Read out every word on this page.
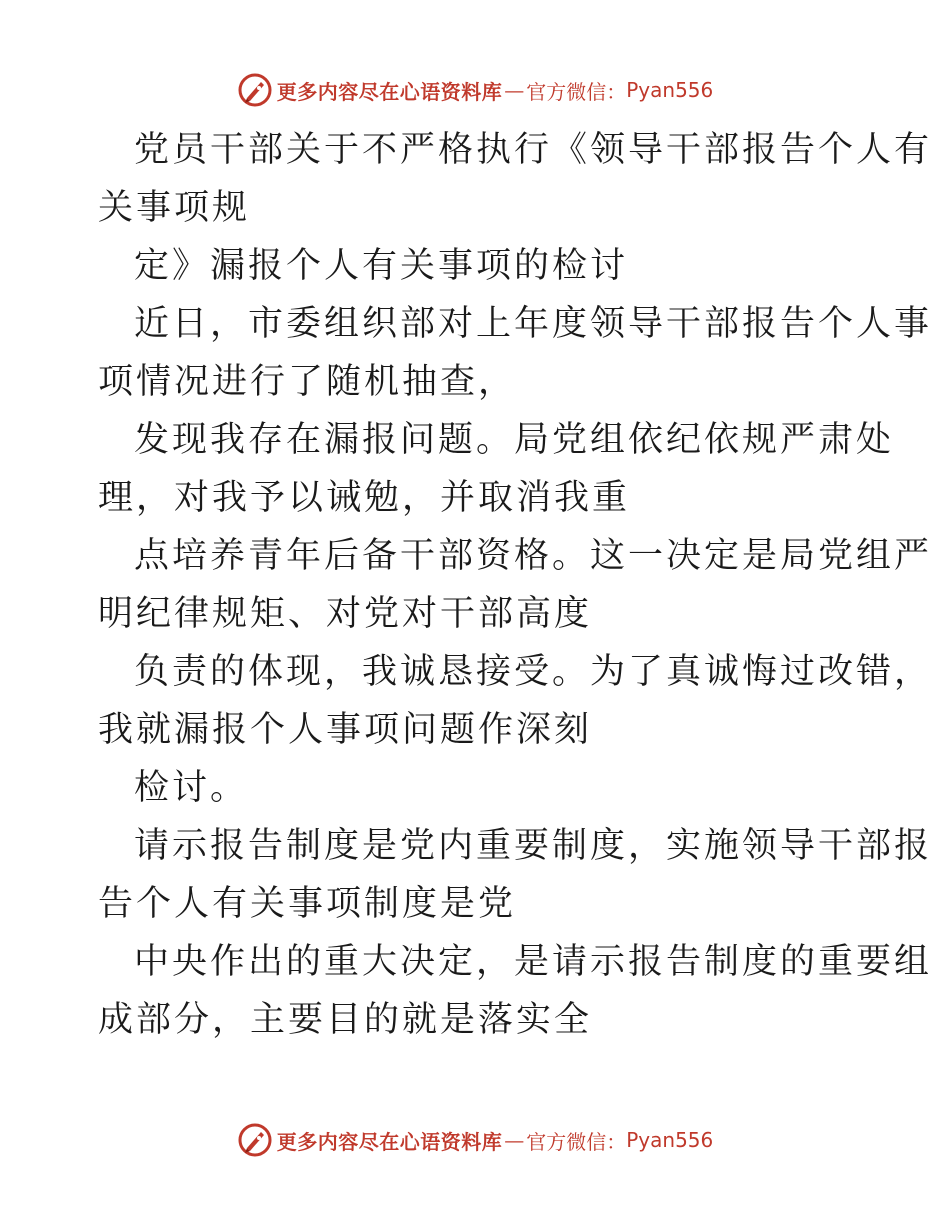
更多内容尽在心语资料库 — 官方微信： Pyan556
党员干部关于不严格执行《领导干部报告个人有
关事项规
定》漏报个人有关事项的检讨
近日，市委组织部对上年度领导干部报告个人事
项情况进行了随机抽查，
发现我存在漏报问题。局党组依纪依规严肃处
理，对我予以诫勉，并取消我重
点培养青年后备干部资格。这一决定是局党组严
明纪律规矩、对党对干部高度
负责的体现，我诚恳接受。为了真诚悔过改错，
我就漏报个人事项问题作深刻
检讨。
请示报告制度是党内重要制度，实施领导干部报
告个人有关事项制度是党
中央作出的重大决定，是请示报告制度的重要组
成部分，主要目的就是落实全
更多内容尽在心语资料库 — 官方微信： Pyan556
